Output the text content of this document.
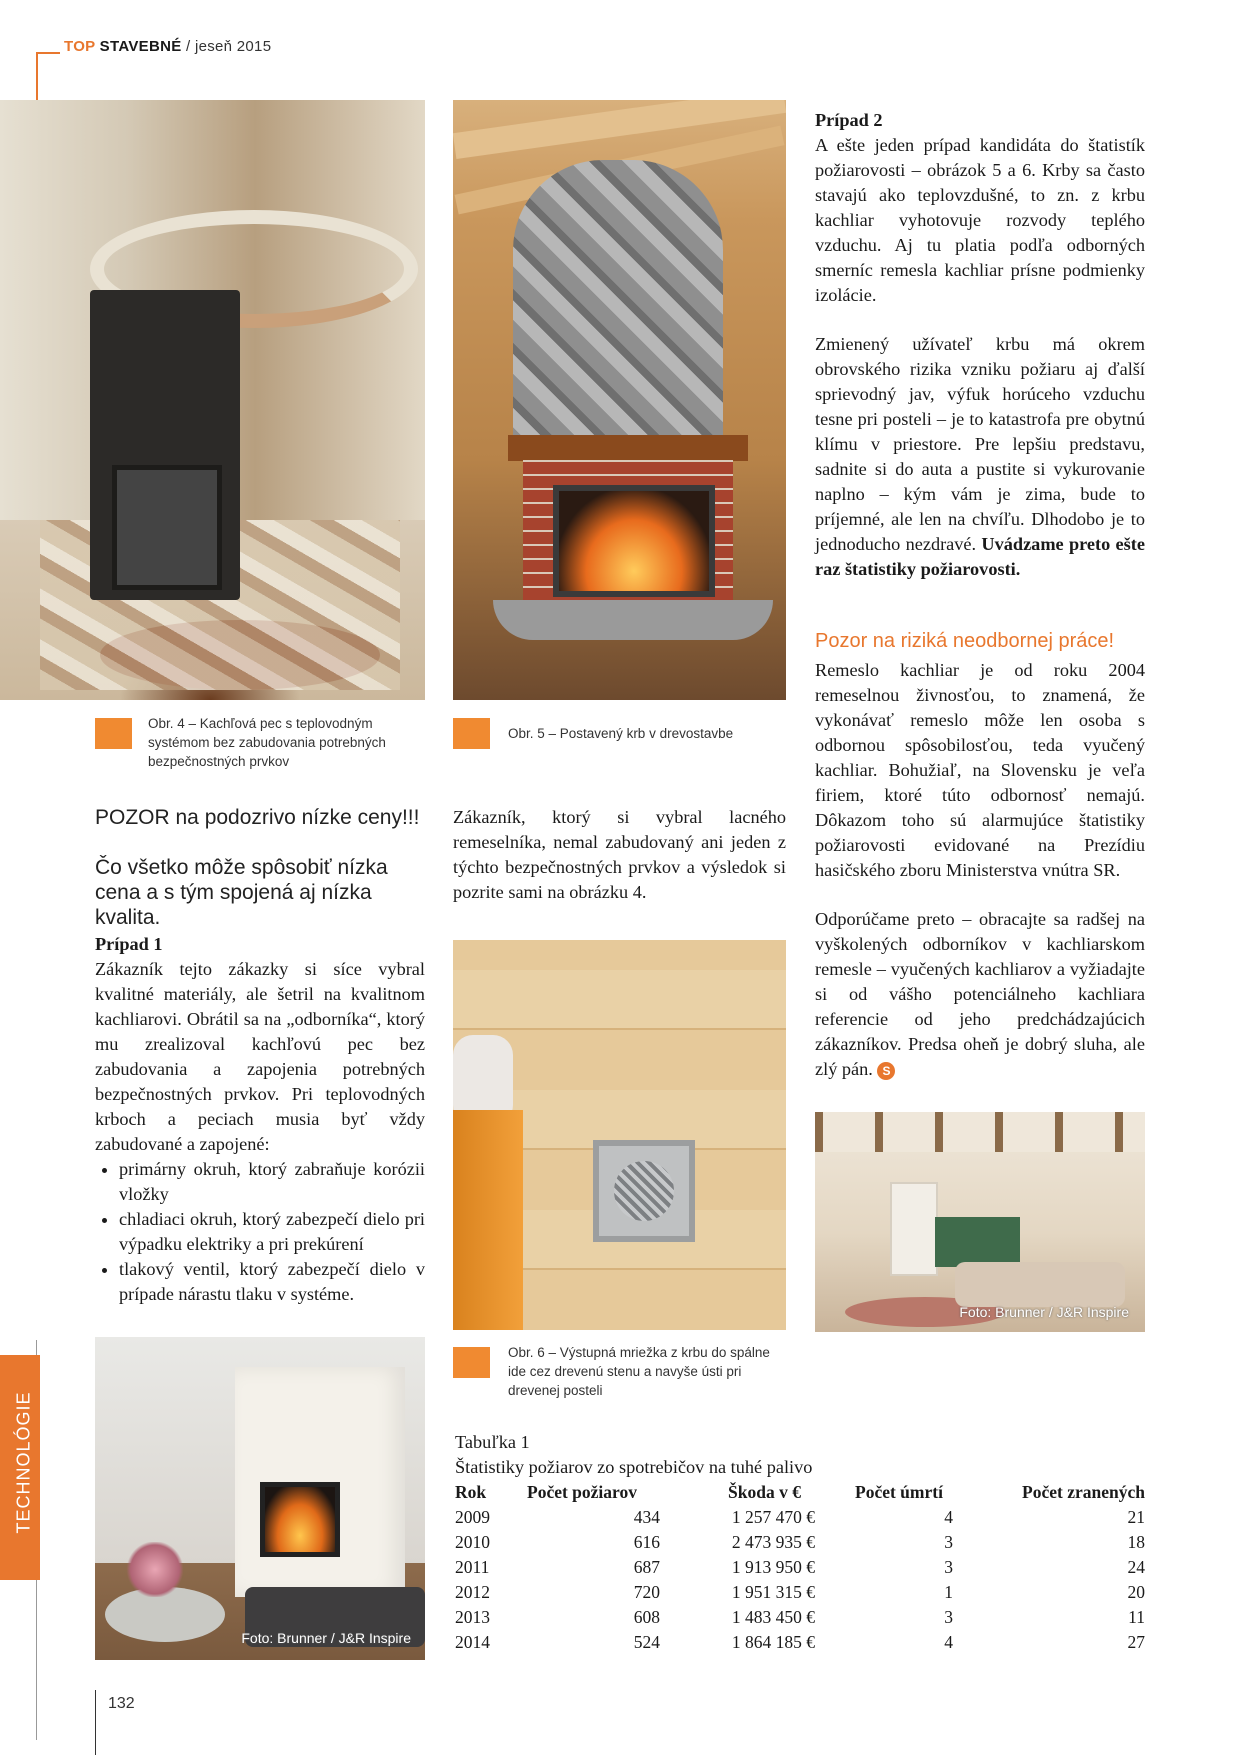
TOP STAVEBNÉ / jeseň 2015
TECHNOLÓGIE
Prípad 2
A ešte jeden prípad kandidáta do štatistík požiarovosti – obrázok 5 a 6. Krby sa často stavajú ako teplovzdušné, to zn. z krbu kachliar vyhotovuje rozvody teplého vzduchu. Aj tu platia podľa odborných smerníc remesla kachliar prísne podmienky izolácie.
Zmienený užívateľ krbu má okrem obrovského rizika vzniku požiaru aj ďalší sprievodný jav, výfuk horúceho vzduchu tesne pri posteli – je to katastrofa pre obytnú klímu v priestore. Pre lepšiu predstavu, sadnite si do auta a pustite si vykurovanie naplno – kým vám je zima, bude to príjemné, ale len na chvíľu. Dlhodobo je to jednoducho nezdravé. Uvádzame preto ešte raz štatistiky požiarovosti.
Pozor na riziká neodbornej práce!
Remeslo kachliar je od roku 2004 remeselnou živnosťou, to znamená, že vykonávať remeslo môže len osoba s odbornou spôsobilosťou, teda vyučený kachliar. Bohužiaľ, na Slovensku je veľa firiem, ktoré túto odbornosť nemajú. Dôkazom toho sú alarmujúce štatistiky požiarovosti evidované na Prezídiu hasičského zboru Ministerstva vnútra SR.
Odporúčame preto – obracajte sa radšej na vyškolených odborníkov v kachliarskom remesle – vyučených kachliarov a vyžiadajte si od vášho potenciálneho kachliara referencie od jeho predchádzajúcich zákazníkov. Predsa oheň je dobrý sluha, ale zlý pán. S
Obr. 4 – Kachľová pec s teplovodným systémom bez zabudovania potrebných bezpečnostných prvkov
Obr. 5 – Postavený krb v drevostavbe
POZOR na podozrivo nízke ceny!!!
Čo všetko môže spôsobiť nízka cena a s tým spojená aj nízka kvalita.
Prípad 1
Zákazník tejto zákazky si síce vybral kvalitné materiály, ale šetril na kvalitnom kachliarovi. Obrátil sa na „odborníka“, ktorý mu zrealizoval kachľovú pec bez zabudovania a zapojenia potrebných bezpečnostných prvkov. Pri teplovodných krboch a peciach musia byť vždy zabudované a zapojené:
• primárny okruh, ktorý zabraňuje korózii vložky
• chladiaci okruh, ktorý zabezpečí dielo pri výpadku elektriky a pri prekúrení
• tlakový ventil, ktorý zabezpečí dielo v prípade nárastu tlaku v systéme.
Zákazník, ktorý si vybral lacného remeselníka, nemal zabudovaný ani jeden z týchto bezpečnostných prvkov a výsledok si pozrite sami na obrázku 4.
Foto: Brunner / J&R Inspire
Obr. 6 – Výstupná mriežka z krbu do spálne ide cez drevenú stenu a navyše ústi pri drevenej posteli
Foto: Brunner / J&R Inspire
Tabuľka 1
Štatistiky požiarov zo spotrebičov na tuhé palivo
Rok	Počet požiarov	Škoda v €	Počet úmrtí	Počet zranených
2009	434	1 257 470 €	4	21
2010	616	2 473 935 €	3	18
2011	687	1 913 950 €	3	24
2012	720	1 951 315 €	1	20
2013	608	1 483 450 €	3	11
2014	524	1 864 185 €	4	27
132
